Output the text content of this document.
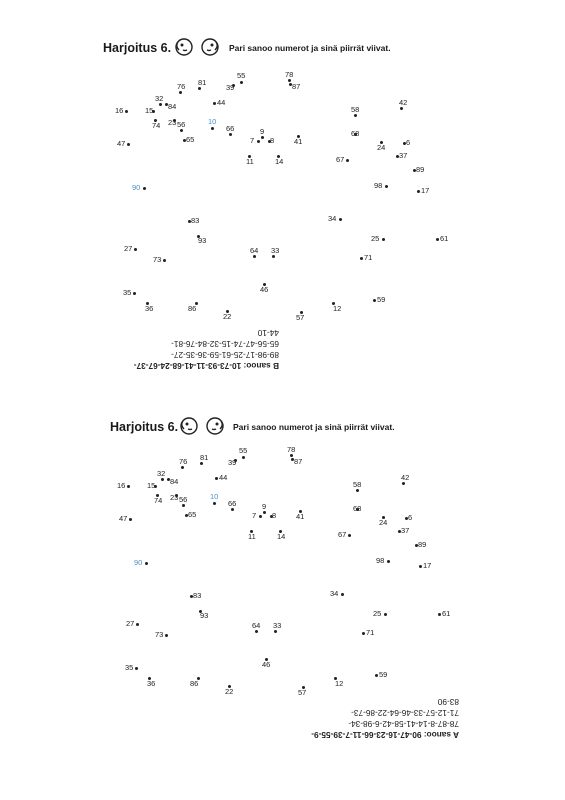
Harjoitus 6.	Pari sanoo numerot ja sinä piirrät viivat.
76 81
55
39
78
87
32
16	15 84	44
58
42
74 23	10
56	66	9
47	65	7 8	41
68
24
6
11	14	67	37
89
90	98
17
83	34
93	25	61
27	64 33
73	71
46
35
59
36	86
22	57
12
B sanoo: 10-73-93-11-41-68-24-67-37-
89-98-17-25-61-59-36-35-27-
65-56-47-74-15-32-84-76-81-
44-10
Harjoitus 6.	Pari sanoo numerot ja sinä piirrät viivat.
76 81
55
39
78
87
32
16	15 84	44
58
42
74 23	10
56	66	9
47	65	7 8	41
68
24
6
11	14	67	37
89
90	98
17
83	34
93	25	61
27	64 33
73	71
46
35
59
36	86
22	57
12
A sanoo: 90-47-16-23-66-11-7-39-55-9-
78-87-8-14-41-58-42-6-98-34-
71-12-57-33-46-64-22-86-73-
83-90
